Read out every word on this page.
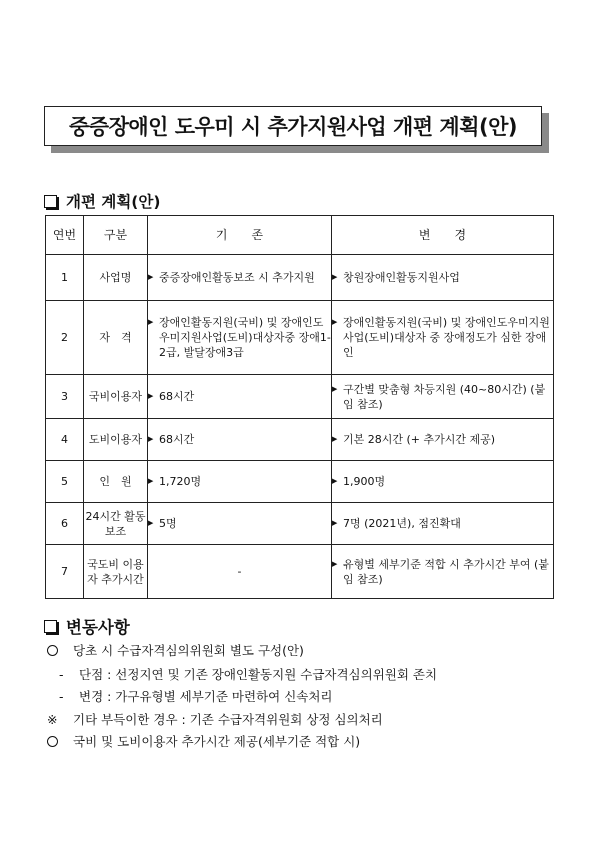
중증장애인 도우미 시 추가지원사업 개편 계획(안)
개편 계획(안)
연번	구분	기　　존	변　　경
1	사업명	▶ 중증장애인활동보조 시 추가지원	▶ 창원장애인활동지원사업

2	자　격	▶ 장애인활동지원(국비) 및 장애인도우미지원사업(도비)대상자중 장애1-2급, 발달장애3급	▶ 장애인활동지원(국비) 및 장애인도우미지원사업(도비)대상자 중 장애정도가 심한 장애인

3	국비이용자	▶ 68시간	▶ 구간별 맞춤형 차등지원 (40~80시간) (붙임 참조)

4	도비이용자	▶ 68시간	▶ 기본 28시간 (+ 추가시간 제공)

5	인　원	▶ 1,720명	▶ 1,900명

6	24시간 활동보조	▶ 5명	▶ 7명 (2021년), 점진확대

7	국도비 이용자 추가시간	-	▶ 유형별 세부기준 적합 시 추가시간 부여 (붙임 참조)
변동사항
당초 시 수급자격심의위원회 별도 구성(안)
-	단점 : 선정지연 및 기존 장애인활동지원 수급자격심의위원회 존치
-	변경 : 가구유형별 세부기준 마련하여 신속처리
※	기타 부득이한 경우 : 기존 수급자격위원회 상정 심의처리
국비 및 도비이용자 추가시간 제공(세부기준 적합 시)
